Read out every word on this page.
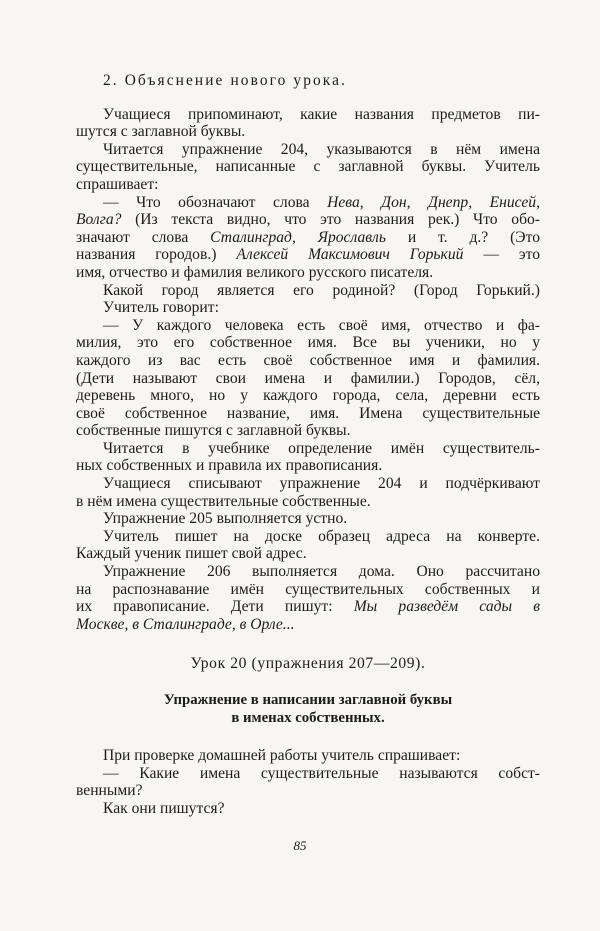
2. Объяснение нового урока.
Учащиеся припоминают, какие названия предметов пи-
шутся с заглавной буквы.
Читается упражнение 204, указываются в нём имена
существительные, написанные с заглавной буквы. Учитель
спрашивает:
— Что обозначают слова Нева, Дон, Днепр, Енисей,
Волга? (Из текста видно, что это названия рек.) Что обо-
значают слова Сталинград, Ярославль и т. д.? (Это
названия городов.) Алексей Максимович Горький — это
имя, отчество и фамилия великого русского писателя.
Какой город является его родиной? (Город Горький.)
Учитель говорит:
— У каждого человека есть своё имя, отчество и фа-
милия, это его собственное имя. Все вы ученики, но у
каждого из вас есть своё собственное имя и фамилия.
(Дети называют свои имена и фамилии.) Городов, сёл,
деревень много, но у каждого города, села, деревни есть
своё собственное название, имя. Имена существительные
собственные пишутся с заглавной буквы.
Читается в учебнике определение имён существитель-
ных собственных и правила их правописания.
Учащиеся списывают упражнение 204 и подчёркивают
в нём имена существительные собственные.
Упражнение 205 выполняется устно.
Учитель пишет на доске образец адреса на конверте.
Каждый ученик пишет свой адрес.
Упражнение 206 выполняется дома. Оно рассчитано
на распознавание имён существительных собственных и
их правописание. Дети пишут: Мы разведём сады в
Москве, в Сталинграде, в Орле...
Урок 20 (упражнения 207—209).
Упражнение в написании заглавной буквы
в именах собственных.
При проверке домашней работы учитель спрашивает:
— Какие имена существительные называются собст-
венными?
Как они пишутся?
85
